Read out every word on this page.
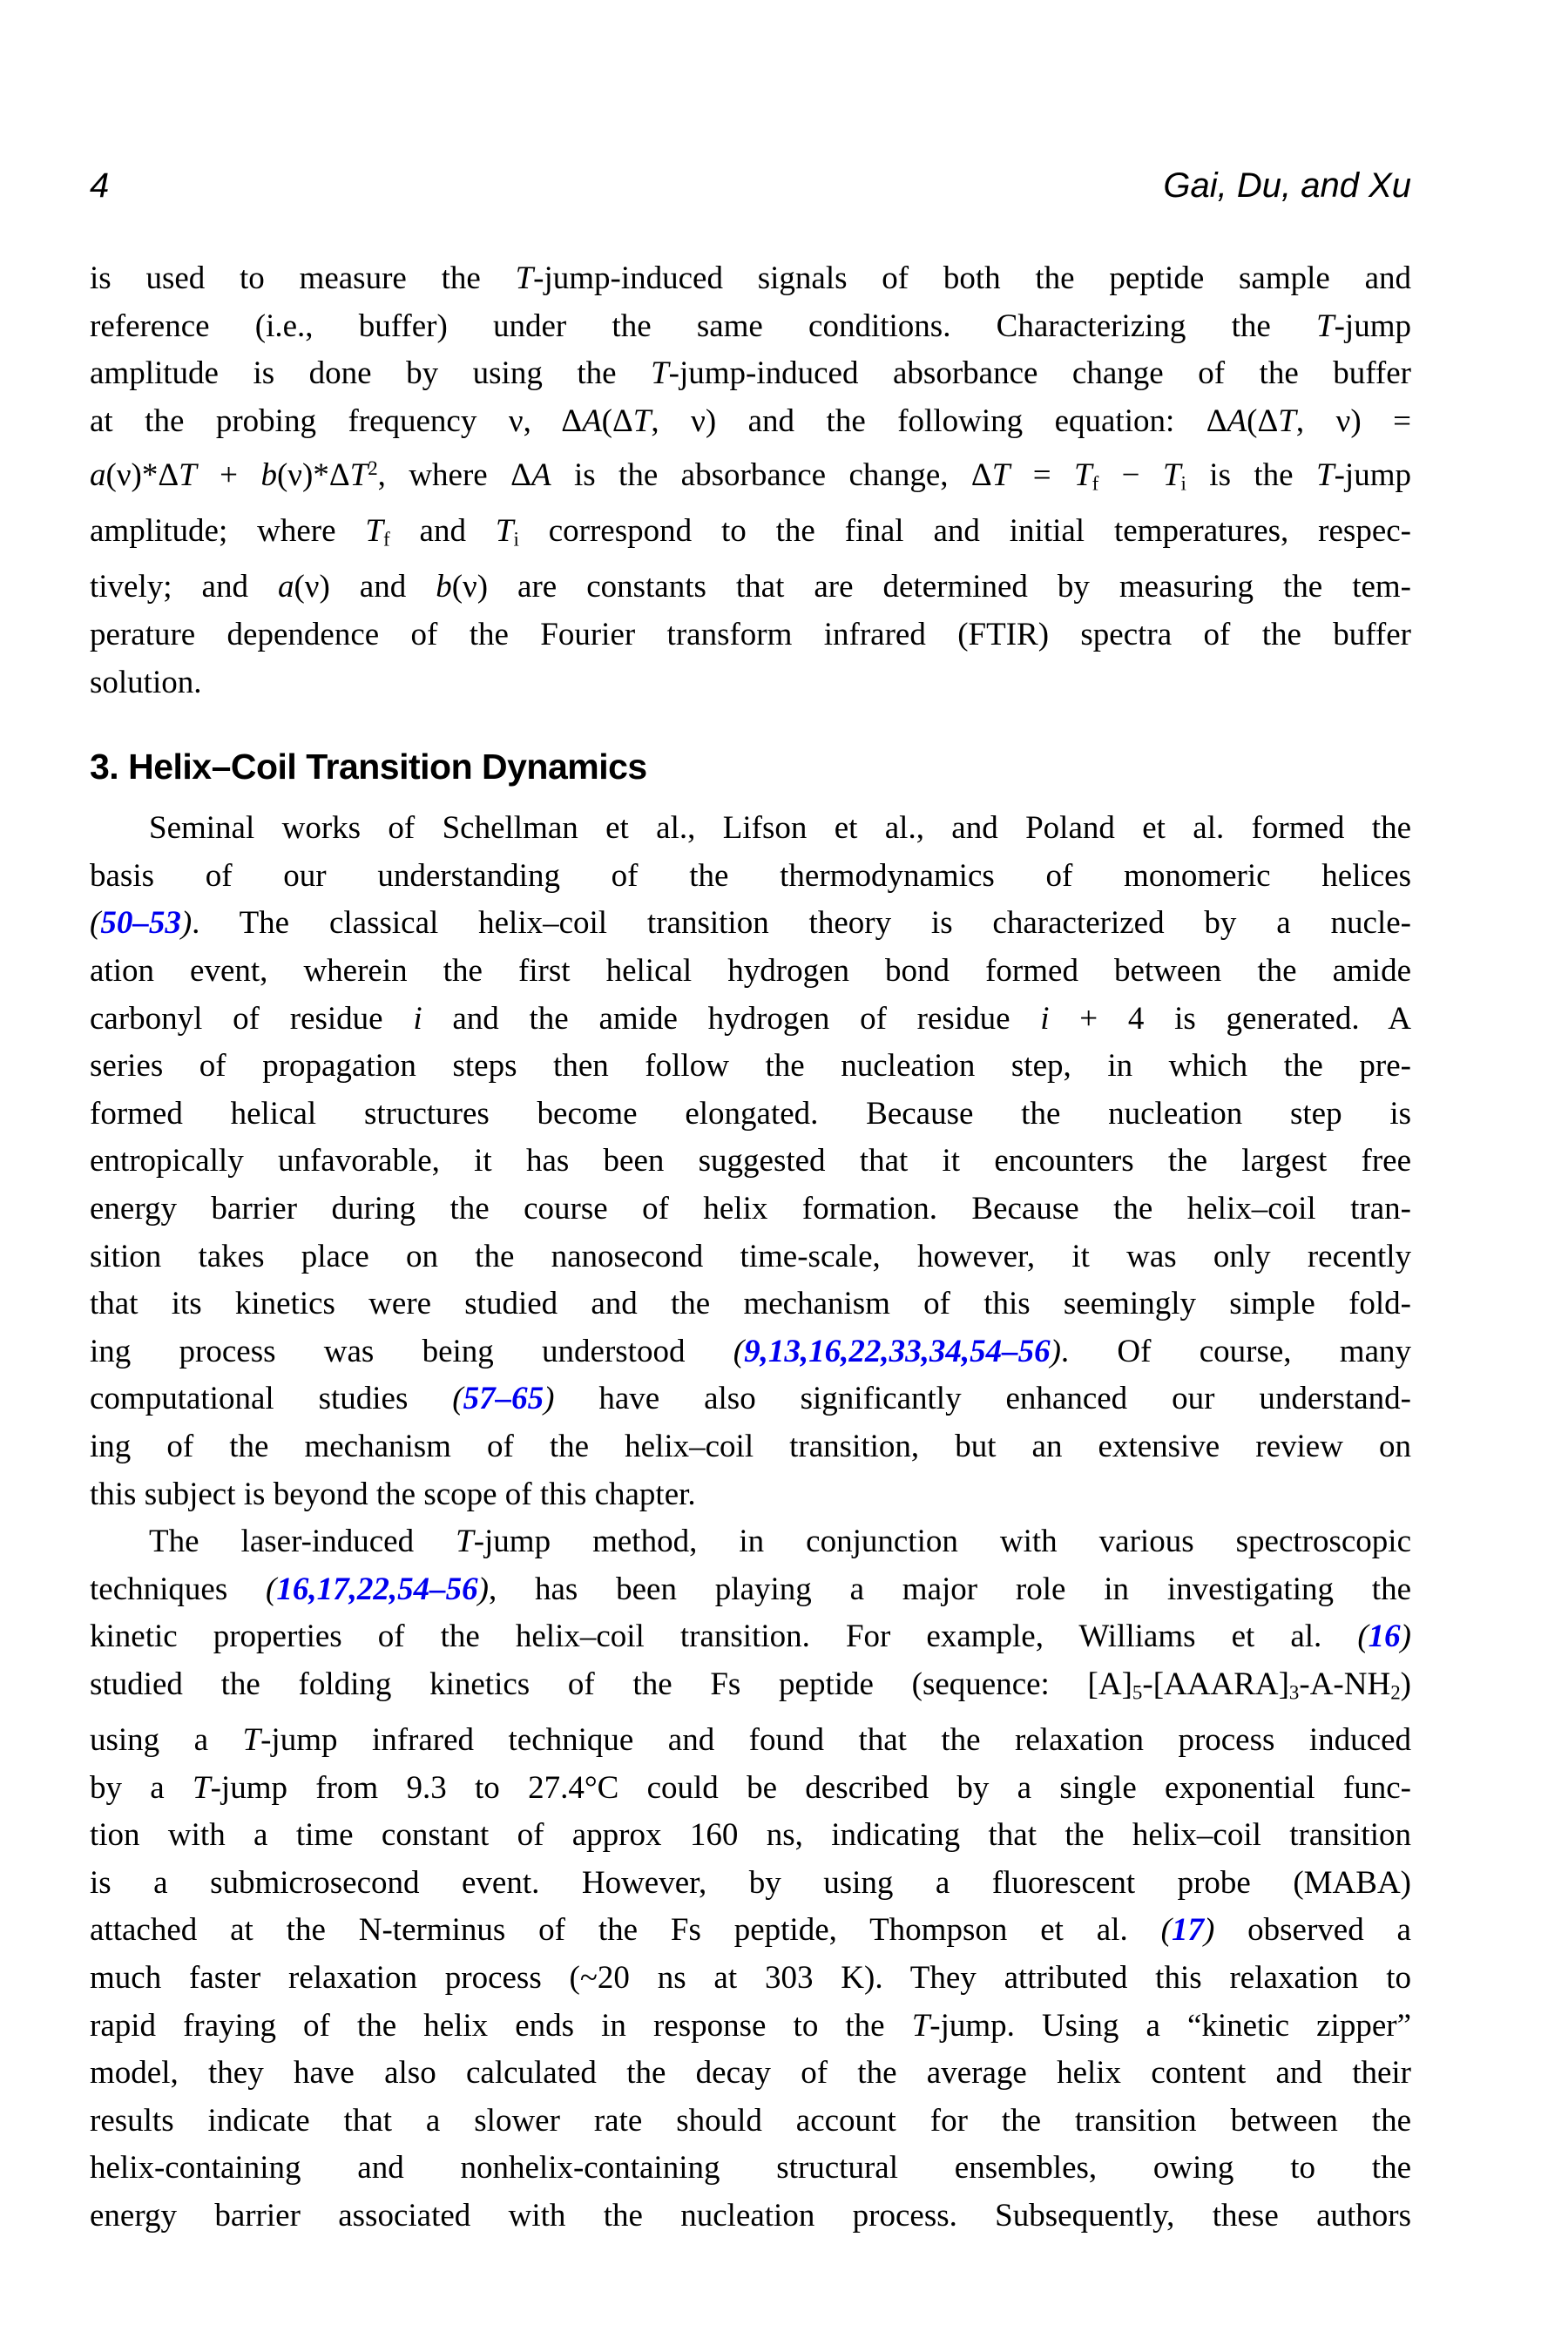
4	Gai, Du, and Xu
is used to measure the T-jump-induced signals of both the peptide sample and
reference (i.e., buffer) under the same conditions. Characterizing the T-jump
amplitude is done by using the T-jump-induced absorbance change of the buffer
at the probing frequency ν, ΔA(ΔT, ν) and the following equation: ΔA(ΔT, ν) =
$a(\nu)*\Delta T + b(\nu)*\Delta T^2$, where ΔA is the absorbance change, ΔT = Tf − Ti is the T-jump
amplitude; where Tf and Ti correspond to the final and initial temperatures, respec-
tively; and a(ν) and b(ν) are constants that are determined by measuring the tem-
perature dependence of the Fourier transform infrared (FTIR) spectra of the buffer
solution.
3. Helix–Coil Transition Dynamics
Seminal works of Schellman et al., Lifson et al., and Poland et al. formed the
basis of our understanding of the thermodynamics of monomeric helices
(50–53). The classical helix–coil transition theory is characterized by a nucle-
ation event, wherein the first helical hydrogen bond formed between the amide
carbonyl of residue i and the amide hydrogen of residue i + 4 is generated. A
series of propagation steps then follow the nucleation step, in which the pre-
formed helical structures become elongated. Because the nucleation step is
entropically unfavorable, it has been suggested that it encounters the largest free
energy barrier during the course of helix formation. Because the helix–coil tran-
sition takes place on the nanosecond time-scale, however, it was only recently
that its kinetics were studied and the mechanism of this seemingly simple fold-
ing process was being understood (9,13,16,22,33,34,54–56). Of course, many
computational studies (57–65) have also significantly enhanced our understand-
ing of the mechanism of the helix–coil transition, but an extensive review on
this subject is beyond the scope of this chapter.
The laser-induced T-jump method, in conjunction with various spectroscopic
techniques (16,17,22,54–56), has been playing a major role in investigating the
kinetic properties of the helix–coil transition. For example, Williams et al. (16)
studied the folding kinetics of the Fs peptide (sequence: [A]5-[AAARA]3-A-NH2)
using a T-jump infrared technique and found that the relaxation process induced
by a T-jump from 9.3 to 27.4°C could be described by a single exponential func-
tion with a time constant of approx 160 ns, indicating that the helix–coil transition
is a submicrosecond event. However, by using a fluorescent probe (MABA)
attached at the N-terminus of the Fs peptide, Thompson et al. (17) observed a
much faster relaxation process (~20 ns at 303 K). They attributed this relaxation to
rapid fraying of the helix ends in response to the T-jump. Using a “kinetic zipper”
model, they have also calculated the decay of the average helix content and their
results indicate that a slower rate should account for the transition between the
helix-containing and nonhelix-containing structural ensembles, owing to the
energy barrier associated with the nucleation process. Subsequently, these authors
